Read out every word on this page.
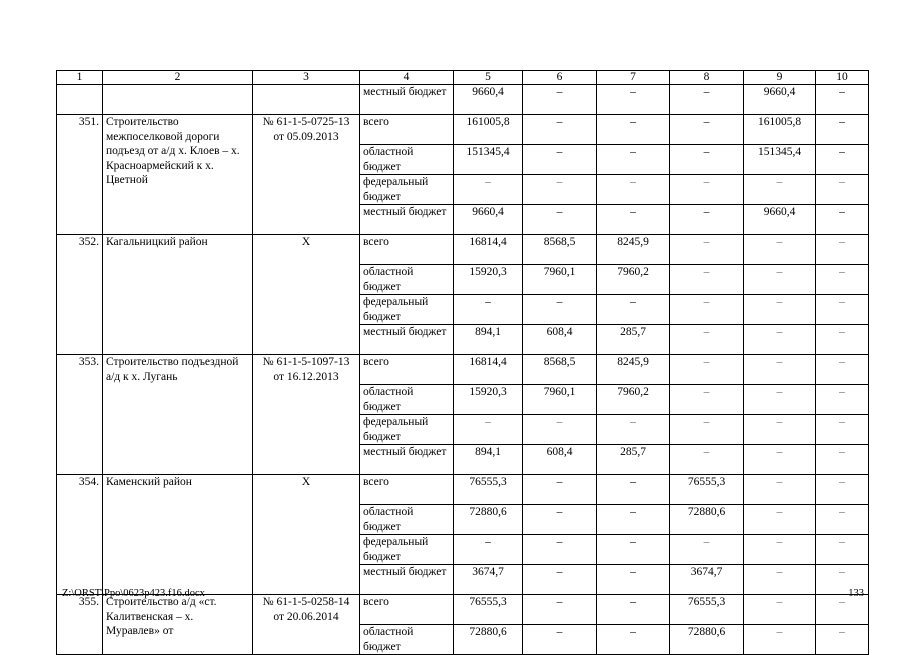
1	2	3	4	5	6	7	8	9	10
			местный бюджет	9660,4	–	–	–	9660,4	–
351.	Строительство межпоселковой дороги подъезд от а/д х. Клоев – х. Красноармейский к х. Цветной	№ 61-1-5-0725-13 от 05.09.2013	всего	161005,8	–	–	–	161005,8	–
			областной бюджет	151345,4	–	–	–	151345,4	–
			федеральный бюджет	–	–	–	–	–	–
			местный бюджет	9660,4	–	–	–	9660,4	–
352.	Кагальницкий район	Х	всего	16814,4	8568,5	8245,9	–	–	–
			областной бюджет	15920,3	7960,1	7960,2	–	–	–
			федеральный бюджет	–	–	–	–	–	–
			местный бюджет	894,1	608,4	285,7	–	–	–
353.	Строительство подъездной а/д к х. Лугань	№ 61-1-5-1097-13 от 16.12.2013	всего	16814,4	8568,5	8245,9	–	–	–
			областной бюджет	15920,3	7960,1	7960,2	–	–	–
			федеральный бюджет	–	–	–	–	–	–
			местный бюджет	894,1	608,4	285,7	–	–	–
354.	Каменский район	Х	всего	76555,3	–	–	76555,3	–	–
			областной бюджет	72880,6	–	–	72880,6	–	–
			федеральный бюджет	–	–	–	–	–	–
			местный бюджет	3674,7	–	–	3674,7	–	–
355.	Строительство а/д «ст. Калитвенская – х. Муравлев» от	№ 61-1-5-0258-14 от 20.06.2014	всего	76555,3	–	–	76555,3	–	–
			областной бюджет	72880,6	–	–	72880,6	–	–
Z:\ORST\Ppo\0623p423.f16.docx	133
